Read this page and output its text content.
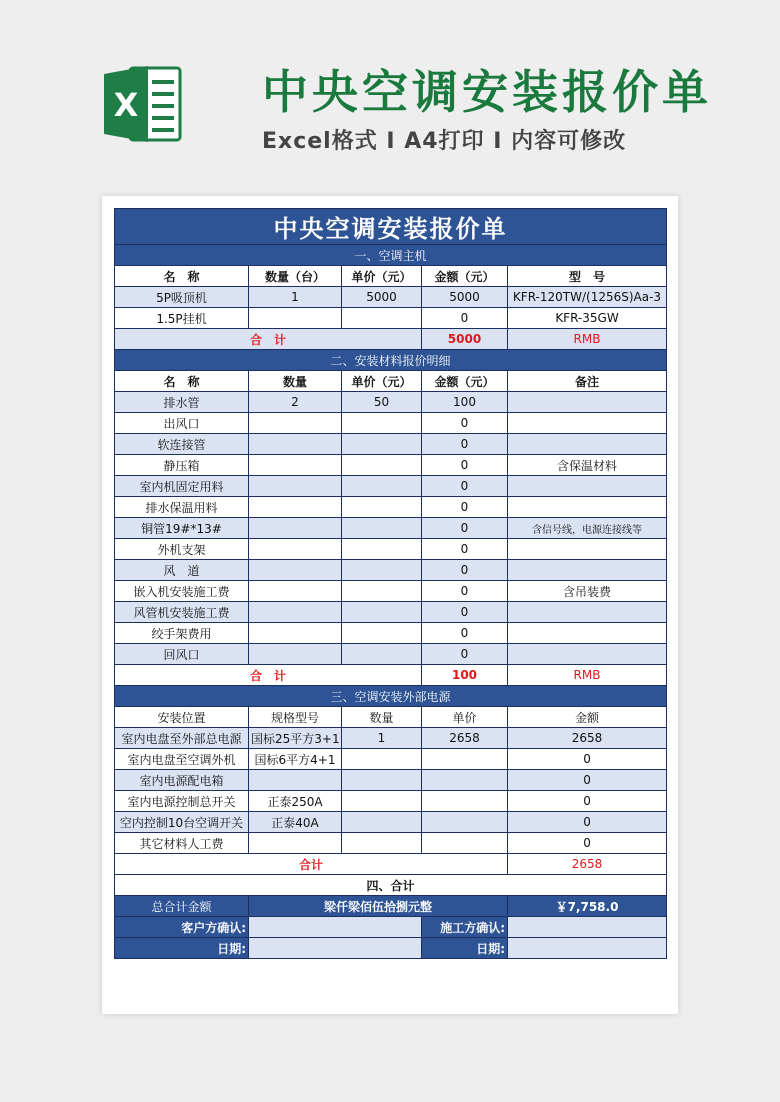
X	中央空调安装报价单
Excel格式 I A4打印 I 内容可修改
中央空调安装报价单				
一、空调主机				
名　称	数量（台）	单价（元）	金额（元）	型　号
5P吸顶机	1	5000	5000	KFR-120TW/(1256S)Aa-3
1.5P挂机			0	KFR-35GW
合　计			5000	RMB
二、安装材料报价明细				
名　称	数量	单价（元）	金额（元）	备注
排水管	2	50	100	
出风口			0	
软连接管			0	
静压箱			0	含保温材料
室内机固定用料			0	
排水保温用料			0	
铜管19#*13#			0	含信号线，电源连接线等
外机支架			0	
风　道			0	
嵌入机安装施工费			0	含吊装费
风管机安装施工费			0	
绞手架费用			0	
回风口			0	
合　计			100	RMB
三、空调安装外部电源				
安装位置	规格型号	数量	单价	金额
室内电盘至外部总电源	国标25平方3+1	1	2658	2658
室内电盘至空调外机	国标6平方4+1			0
室内电源配电箱				0
室内电源控制总开关	正泰250A			0
空内控制10台空调开关	正泰40A			0
其它材料人工费				0
合计				2658
四、合计				
总合计金额	梁仟梁佰伍拾捌元整			￥7,758.0
客户方确认:			施工方确认:	
日期:			日期:	
